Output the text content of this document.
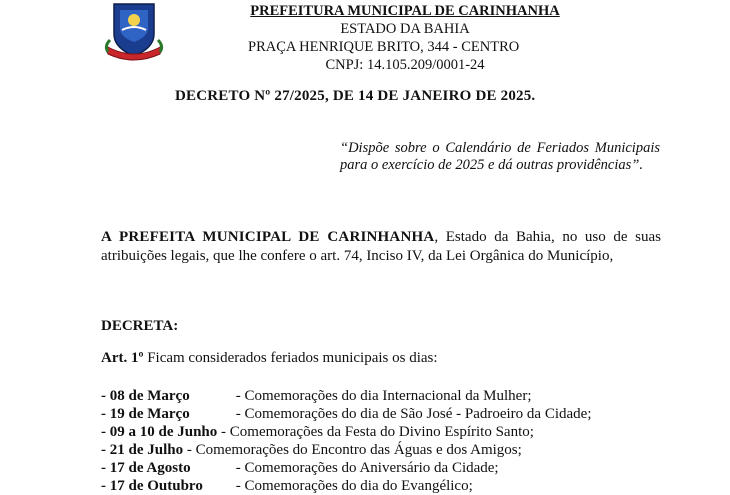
PREFEITURA MUNICIPAL DE CARINHANHA
ESTADO DA BAHIA
PRAÇA HENRIQUE BRITO, 344 - CENTRO
CNPJ: 14.105.209/0001-24
DECRETO Nº 27/2025, DE 14 DE JANEIRO DE 2025.
“Dispõe sobre o Calendário de Feriados Municipais para o exercício de 2025 e dá outras providências”.
A PREFEITA MUNICIPAL DE CARINHANHA, Estado da Bahia, no uso de suas atribuições legais, que lhe confere o art. 74, Inciso IV, da Lei Orgânica do Município,
DECRETA:
Art. 1º Ficam considerados feriados municipais os dias:
- 08 de Março	- Comemorações do dia Internacional da Mulher;
- 19 de Março	- Comemorações do dia de São José - Padroeiro da Cidade;
- 09 a 10 de Junho - Comemorações da Festa do Divino Espírito Santo;
- 21 de Julho - Comemorações do Encontro das Águas e dos Amigos;
- 17 de Agosto	- Comemorações do Aniversário da Cidade;
- 17 de Outubro - Comemorações do dia do Evangélico;
